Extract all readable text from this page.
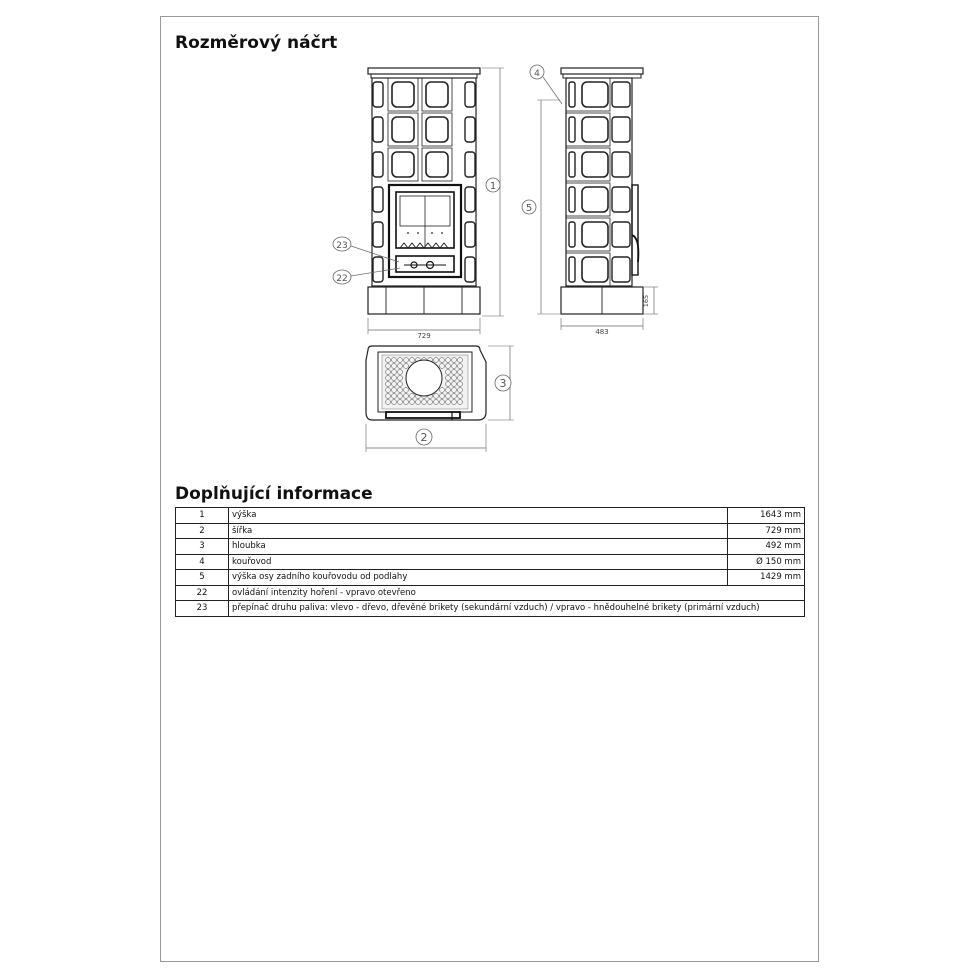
Rozměrový náčrt
729
1
23
22
165
483
4
5
3
2
Doplňující informace
1	výška	1643 mm
2	šířka	729 mm
3	hloubka	492 mm
4	kouřovod	Ø 150 mm
5	výška osy zadního kouřovodu od podlahy	1429 mm
22	ovládání intenzity hoření - vpravo otevřeno	
23	přepínač druhu paliva: vlevo - dřevo, dřevěné brikety (sekundární vzduch) / vpravo - hnědouhelné brikety (primární vzduch)	
